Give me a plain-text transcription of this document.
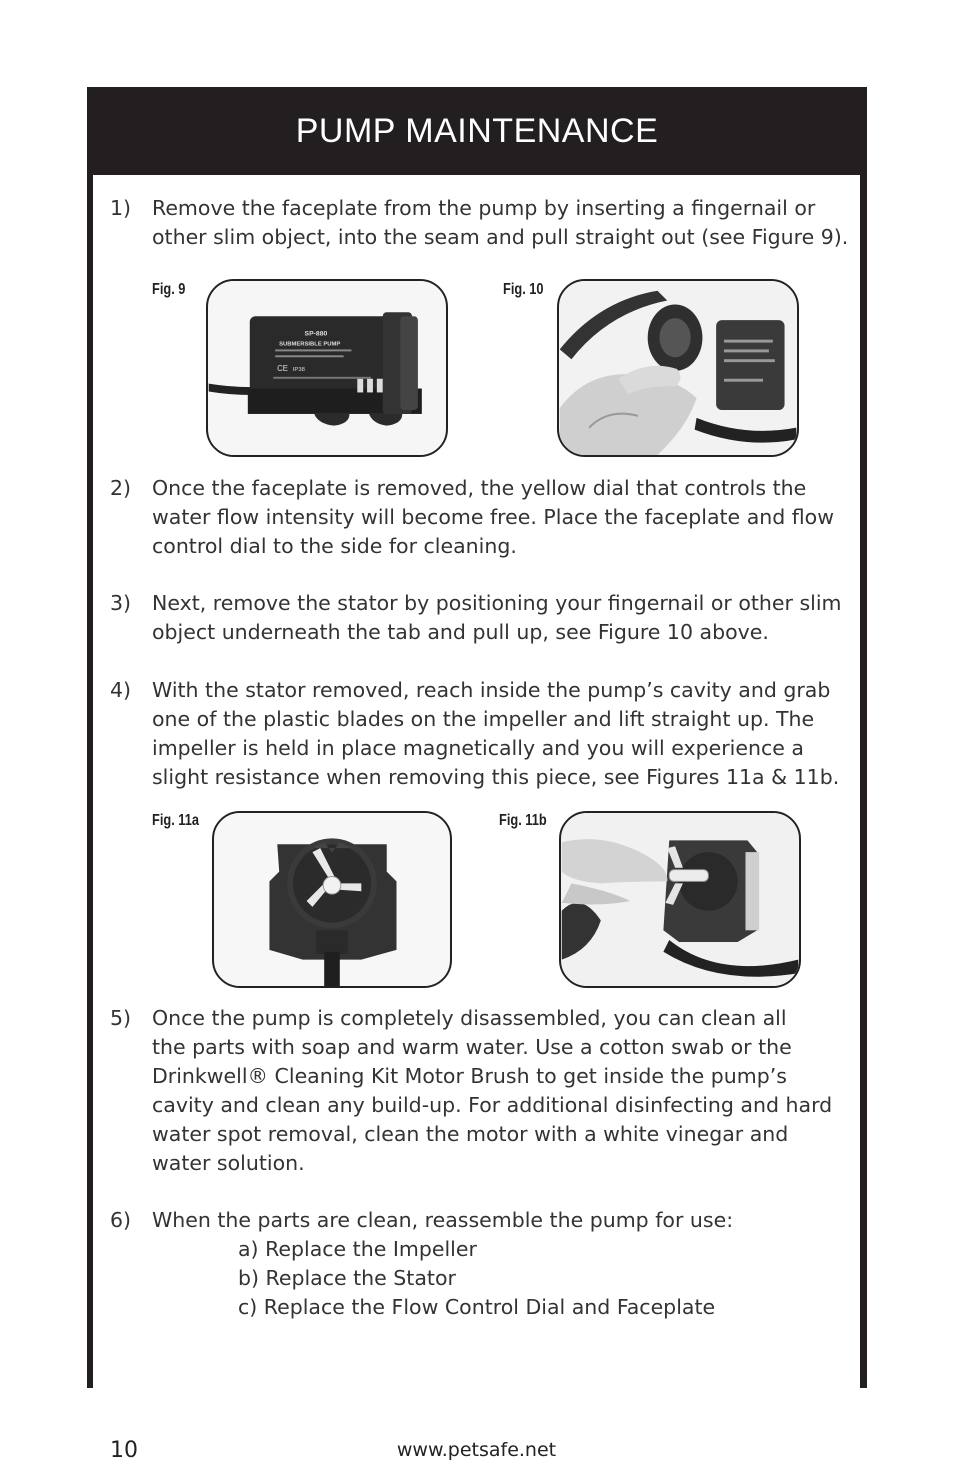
PUMP MAINTENANCE
10	www.petsafe.net
1) Remove the faceplate from the pump by inserting a fingernail or
other slim object, into the seam and pull straight out (see Figure 9).
Fig. 9
SP-880
SUBMERSIBLE PUMP
CE IP38
Fig. 10
2) Once the faceplate is removed, the yellow dial that controls the
water flow intensity will become free. Place the faceplate and flow
control dial to the side for cleaning.
3) Next, remove the stator by positioning your fingernail or other slim
object underneath the tab and pull up, see Figure 10 above.
4) With the stator removed, reach inside the pump’s cavity and grab
one of the plastic blades on the impeller and lift straight up. The
impeller is held in place magnetically and you will experience a
slight resistance when removing this piece, see Figures 11a & 11b.
Fig. 11a	Fig. 11b
5) Once the pump is completely disassembled, you can clean all
the parts with soap and warm water. Use a cotton swab or the
Drinkwell® Cleaning Kit Motor Brush to get inside the pump’s
cavity and clean any build-up. For additional disinfecting and hard
water spot removal, clean the motor with a white vinegar and
water solution.
6) When the parts are clean, reassemble the pump for use:
a) Replace the Impeller
b) Replace the Stator
c) Replace the Flow Control Dial and Faceplate
